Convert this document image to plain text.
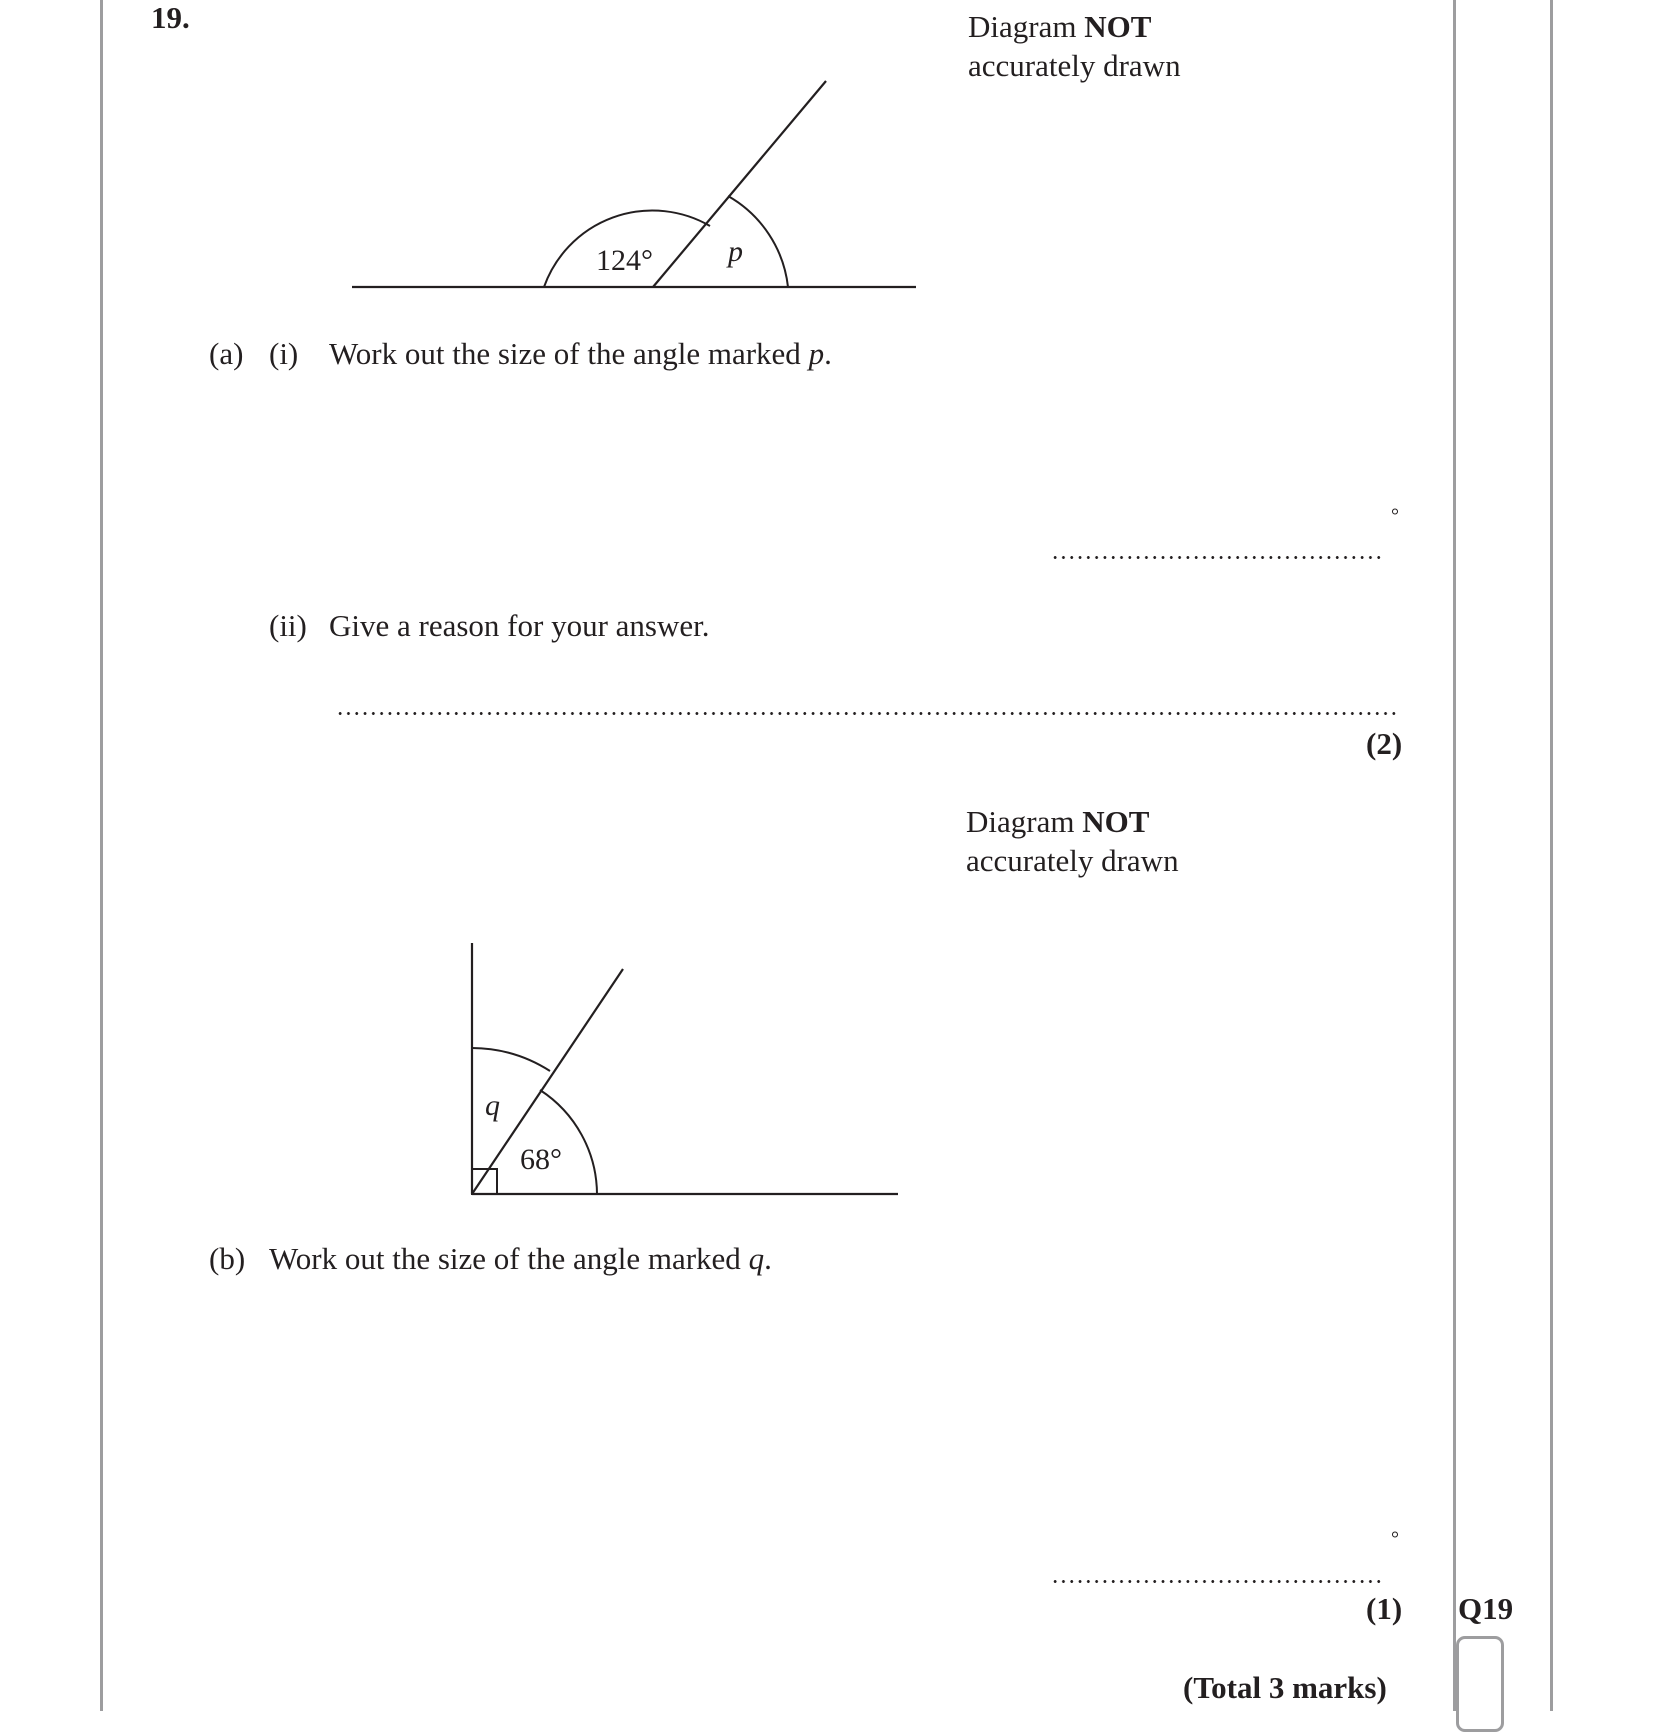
19.	Diagram NOT
accurately drawn
124°	p
(a) (i) Work out the size of the angle marked p.
°
(ii) Give a reason for your answer.
(2)
Diagram NOT
accurately drawn
q
68°
(b) Work out the size of the angle marked q.
°
(1) Q19
(Total 3 marks)
